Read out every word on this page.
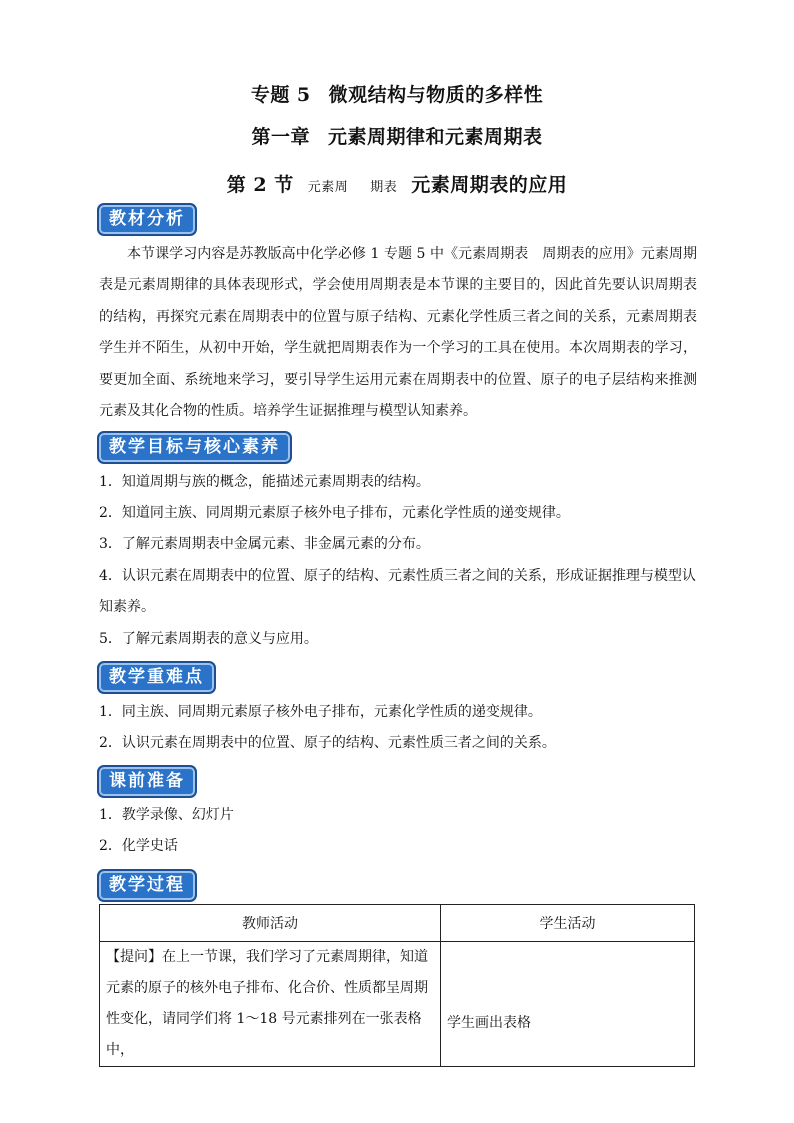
专题 5 微观结构与物质的多样性
第一章 元素周期律和元素周期表
第 2 节 元素周 期表 元素周期表的应用
教材分析
本节课学习内容是苏教版高中化学必修 1 专题 5 中《元素周期表　周期表的应用》元素周期表是元素周期律的具体表现形式，学会使用周期表是本节课的主要目的，因此首先要认识周期表的结构，再探究元素在周期表中的位置与原子结构、元素化学性质三者之间的关系，元素周期表学生并不陌生，从初中开始，学生就把周期表作为一个学习的工具在使用。本次周期表的学习，要更加全面、系统地来学习，要引导学生运用元素在周期表中的位置、原子的电子层结构来推测元素及其化合物的性质。培养学生证据推理与模型认知素养。
教学目标与核心素养
1．知道周期与族的概念，能描述元素周期表的结构。
2．知道同主族、同周期元素原子核外电子排布，元素化学性质的递变规律。
3．了解元素周期表中金属元素、非金属元素的分布。
4．认识元素在周期表中的位置、原子的结构、元素性质三者之间的关系，形成证据推理与模型认知素养。
5．了解元素周期表的意义与应用。
教学重难点
1．同主族、同周期元素原子核外电子排布，元素化学性质的递变规律。
2．认识元素在周期表中的位置、原子的结构、元素性质三者之间的关系。
课前准备
1．教学录像、幻灯片
2．化学史话
教学过程
教师活动	学生活动
【提问】在上一节课，我们学习了元素周期律，知道元素的原子的核外电子排布、化合价、性质都呈周期性变化，请同学们将 1～18 号元素排列在一张表格中，	学生画出表格
